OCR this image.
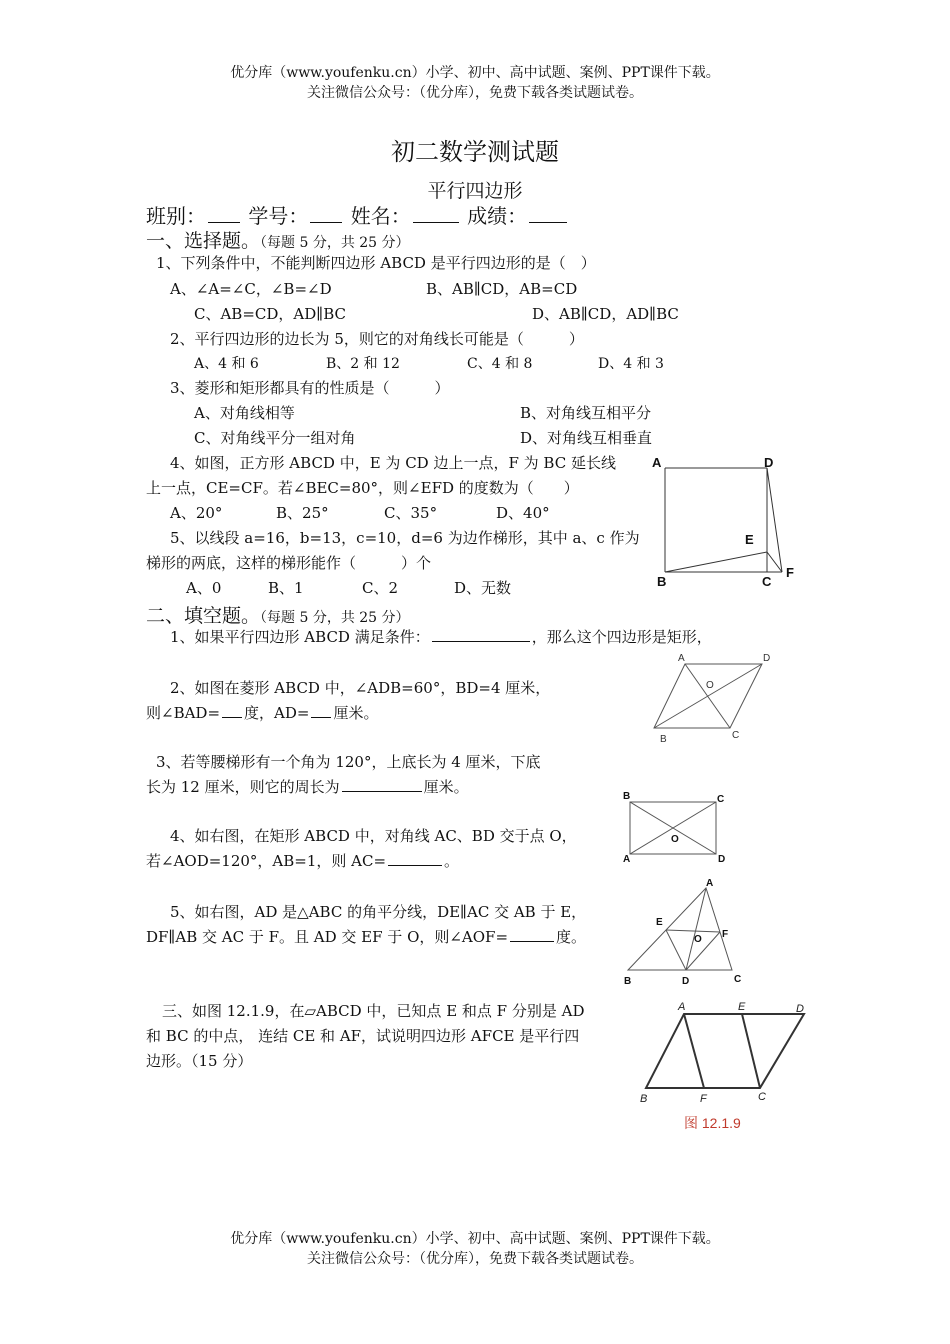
优分库（www.youfenku.cn）小学、初中、高中试题、案例、PPT课件下载。
关注微信公众号：（优分库），免费下载各类试题试卷。
初二数学测试题
平行四边形
班别： 学号： 姓名：	成绩：
一、选择题。（每题 5 分，共 25 分）
1、下列条件中，不能判断四边形 ABCD 是平行四边形的是（　）
A、∠A=∠C，∠B=∠D	B、AB∥CD，AB=CD
C、AB=CD，AD∥BC	D、AB∥CD，AD∥BC
2、平行四边形的边长为 5，则它的对角线长可能是（　　　）
A、4 和 6	B、2 和 12	C、4 和 8	D、4 和 3
3、菱形和矩形都具有的性质是（　　　）
A、对角线相等	B、对角线互相平分
C、对角线平分一组对角	D、对角线互相垂直
4、如图，正方形 ABCD 中，E 为 CD 边上一点，F 为 BC 延长线
上一点，CE=CF。若∠BEC=80°，则∠EFD 的度数为（　　）
A、20°	B、25°	C、35°	D、40°
5、以线段 a=16，b=13，c=10，d=6 为边作梯形，其中 a、c 作为
梯形的两底，这样的梯形能作（　　　）个
A、0	B、1	C、2	D、无数
A	D
E
B	C
F
二、填空题。（每题 5 分，共 25 分）
1、如果平行四边形 ABCD 满足条件：	，那么这个四边形是矩形，
2、如图在菱形 ABCD 中，∠ADB=60°，BD=4 厘米，
则∠BAD= 度，AD= 厘米。
A	D
O
B	C
3、若等腰梯形有一个角为 120°，上底长为 4 厘米，下底
长为 12 厘米，则它的周长为	厘米。
B	C
O
A	D
4、如右图，在矩形 ABCD 中，对角线 AC、BD 交于点 O，
若∠AOD=120°，AB=1，则 AC=	。
A
E
O F
B	D	C
5、如右图，AD 是△ABC 的角平分线，DE∥AC 交 AB 于 E，
DF∥AB 交 AC 于 F。且 AD 交 EF 于 O，则∠AOF=	度。
三、如图 12.1.9，在▱ABCD 中，已知点 E 和点 F 分别是 AD
和 BC 的中点， 连结 CE 和 AF，试说明四边形 AFCE 是平行四
边形。（15 分）
A	E	D
B	F	C
图 12.1.9
优分库（www.youfenku.cn）小学、初中、高中试题、案例、PPT课件下载。
关注微信公众号：（优分库），免费下载各类试题试卷。
